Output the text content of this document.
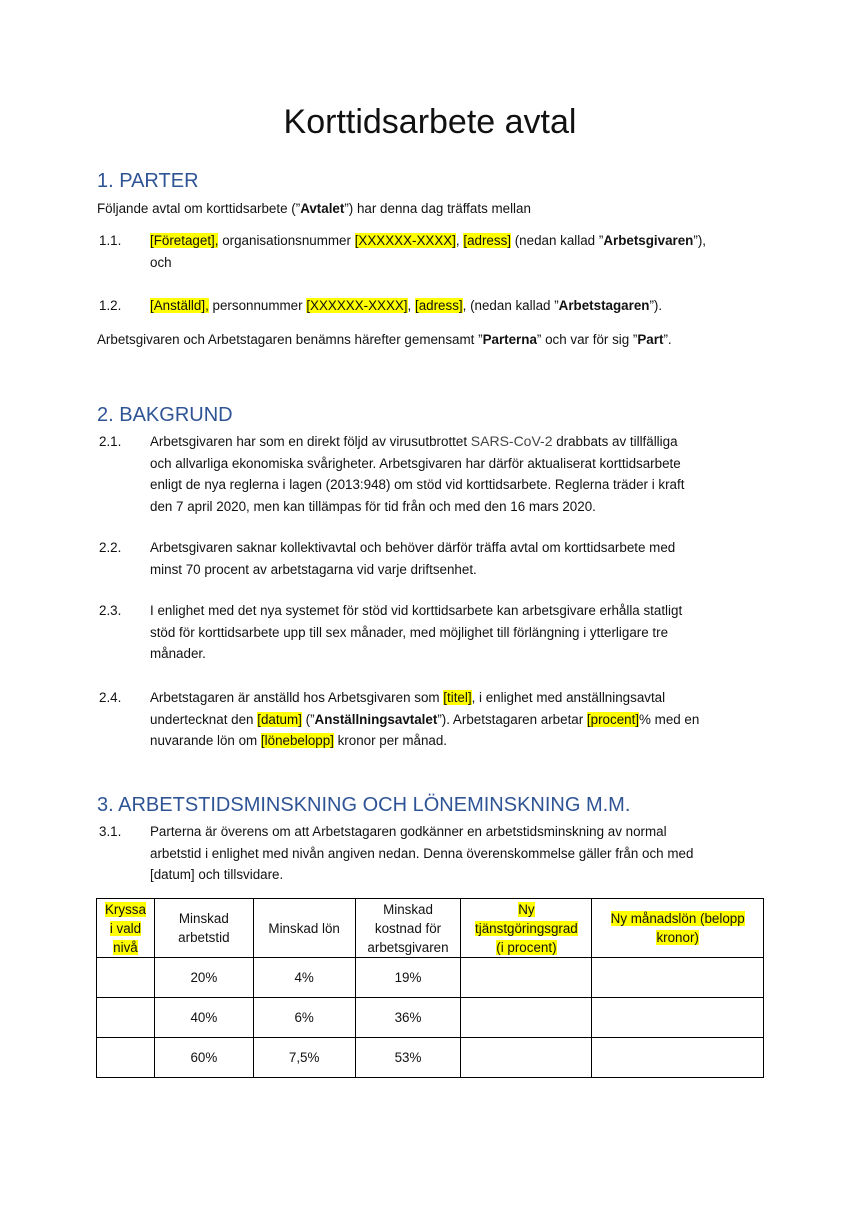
Korttidsarbete avtal
1. PARTER
Följande avtal om korttidsarbete (”Avtalet”) har denna dag träffats mellan
1.1. [Företaget], organisationsnummer [XXXXXX-XXXX], [adress] (nedan kallad ”Arbetsgivaren”),
och
1.2. [Anställd], personnummer [XXXXXX-XXXX], [adress], (nedan kallad ”Arbetstagaren”).
Arbetsgivaren och Arbetstagaren benämns härefter gemensamt ”Parterna” och var för sig ”Part”.
2. BAKGRUND
2.1. Arbetsgivaren har som en direkt följd av virusutbrottet SARS-CoV-2 drabbats av tillfälliga
och allvarliga ekonomiska svårigheter. Arbetsgivaren har därför aktualiserat korttidsarbete
enligt de nya reglerna i lagen (2013:948) om stöd vid korttidsarbete. Reglerna träder i kraft
den 7 april 2020, men kan tillämpas för tid från och med den 16 mars 2020.
2.2. Arbetsgivaren saknar kollektivavtal och behöver därför träffa avtal om korttidsarbete med
minst 70 procent av arbetstagarna vid varje driftsenhet.
2.3. I enlighet med det nya systemet för stöd vid korttidsarbete kan arbetsgivare erhålla statligt
stöd för korttidsarbete upp till sex månader, med möjlighet till förlängning i ytterligare tre
månader.
2.4. Arbetstagaren är anställd hos Arbetsgivaren som [titel], i enlighet med anställningsavtal
undertecknat den [datum] (”Anställningsavtalet”). Arbetstagaren arbetar [procent]% med en
nuvarande lön om [lönebelopp] kronor per månad.
3. ARBETSTIDSMINSKNING OCH LÖNEMINSKNING M.M.
3.1. Parterna är överens om att Arbetstagaren godkänner en arbetstidsminskning av normal
arbetstid i enlighet med nivån angiven nedan. Denna överenskommelse gäller från och med
[datum] och tillsvidare.
Kryssa
i vald
nivå	Minskad
arbetstid	Minskad lön	Minskad
kostnad för
arbetsgivaren	Ny
tjänstgöringsgrad
(i procent)	Ny månadslön (belopp
kronor)
	20%	4%	19%		
	40%	6%	36%		
	60%	7,5%	53%		
